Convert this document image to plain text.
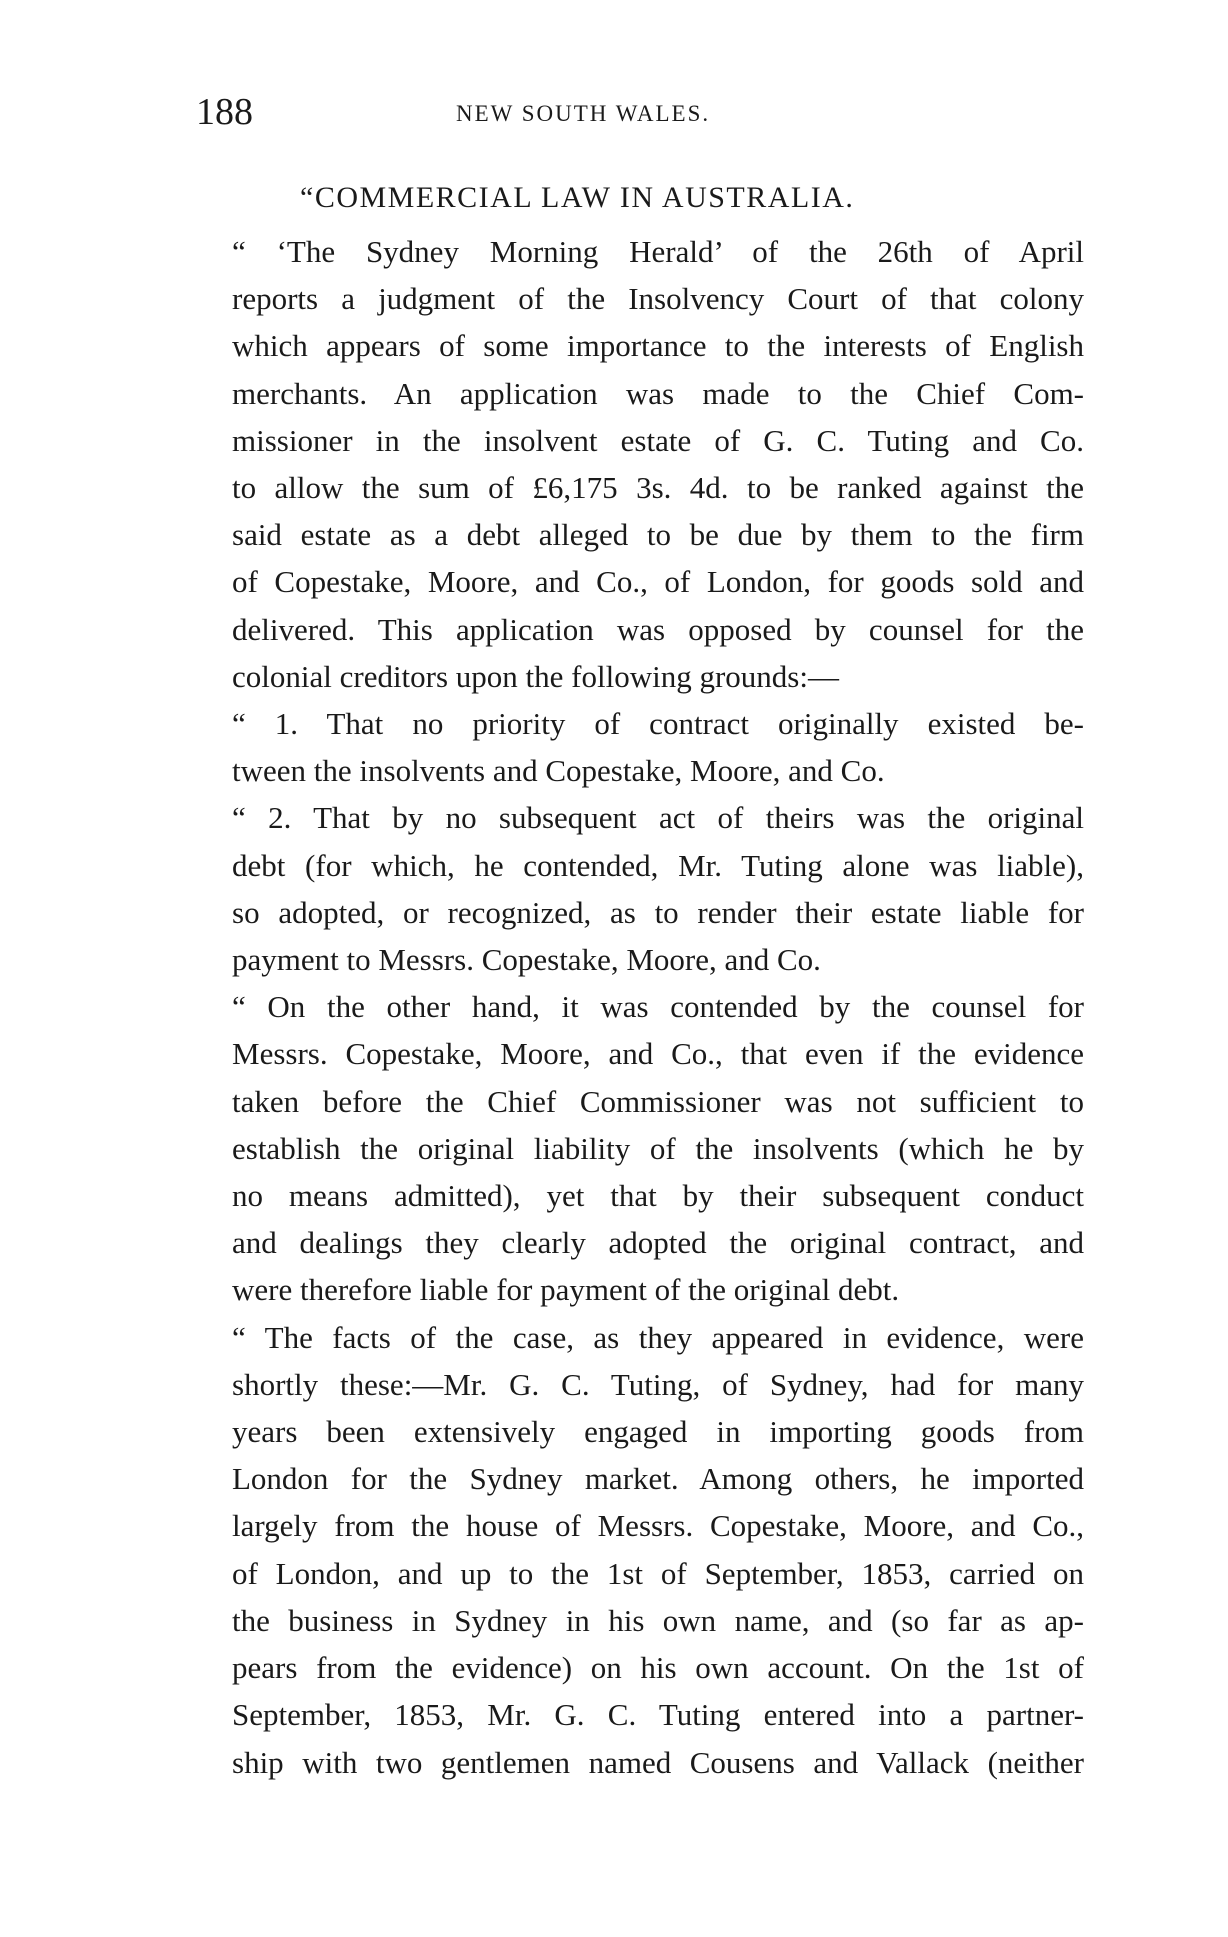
188	NEW SOUTH WALES.
“COMMERCIAL LAW IN AUSTRALIA.

“ ‘The Sydney Morning Herald’ of the 26th of April
reports a judgment of the Insolvency Court of that colony
which appears of some importance to the interests of English
merchants. An application was made to the Chief Com-
missioner in the insolvent estate of G. C. Tuting and Co.
to allow the sum of £6,175 3s. 4d. to be ranked against the
said estate as a debt alleged to be due by them to the firm
of Copestake, Moore, and Co., of London, for goods sold and
delivered. This application was opposed by counsel for the
colonial creditors upon the following grounds:—

“ 1. That no priority of contract originally existed be-
tween the insolvents and Copestake, Moore, and Co.

“ 2. That by no subsequent act of theirs was the original
debt (for which, he contended, Mr. Tuting alone was liable),
so adopted, or recognized, as to render their estate liable for
payment to Messrs. Copestake, Moore, and Co.

“ On the other hand, it was contended by the counsel for
Messrs. Copestake, Moore, and Co., that even if the evidence
taken before the Chief Commissioner was not sufficient to
establish the original liability of the insolvents (which he by
no means admitted), yet that by their subsequent conduct
and dealings they clearly adopted the original contract, and
were therefore liable for payment of the original debt.

“ The facts of the case, as they appeared in evidence, were
shortly these:—Mr. G. C. Tuting, of Sydney, had for many
years been extensively engaged in importing goods from
London for the Sydney market. Among others, he imported
largely from the house of Messrs. Copestake, Moore, and Co.,
of London, and up to the 1st of September, 1853, carried on
the business in Sydney in his own name, and (so far as ap-
pears from the evidence) on his own account. On the 1st of
September, 1853, Mr. G. C. Tuting entered into a partner-
ship with two gentlemen named Cousens and Vallack (neither
